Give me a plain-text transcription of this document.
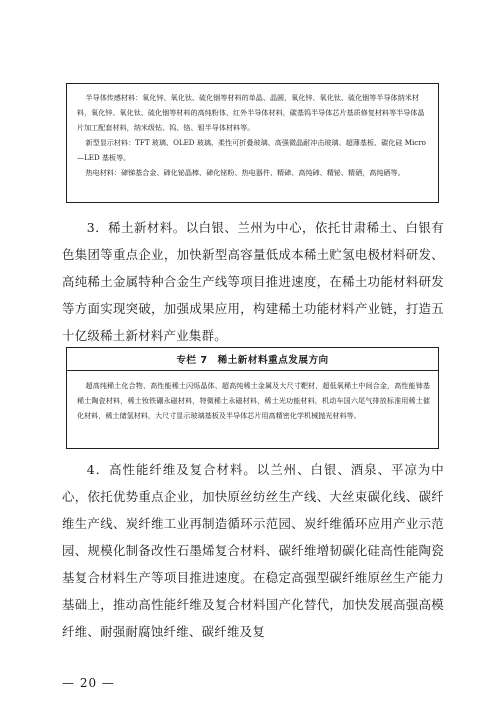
半导体传感材料：氧化锌、氧化钛、硫化铟等材料的单晶、晶圆，氧化锌、氧化钛、硫化铟等半导体纳米材料，氧化锌、氧化钛、硫化铟等材料的高纯粉体，红外半导体材料，碳基钨半导体芯片基质修复材料等半导体晶片加工配套材料，纳米级钻、钨、铬、钼半导体材料等。

新型显示材料：TFT 玻璃、OLED 玻璃、柔性可折叠玻璃、高强微晶耐冲击玻璃、超薄基板、碳化硅 Micro—LED 基板等。

热电材料：碲锑基合金、碲化铋晶棒、碲化铋粉、热电器件、精碲、高纯碲、精铋、精硒，高纯硒等。

3．稀土新材料。以白银、兰州为中心，依托甘肃稀土、白银有色集团等重点企业，加快新型高容量低成本稀土贮氢电极材料研发、高纯稀土金属特种合金生产线等项目推进速度，在稀土功能材料研发等方面实现突破，加强成果应用，构建稀土功能材料产业链，打造五十亿级稀土新材料产业集群。
专栏 7　稀土新材料重点发展方向
超高纯稀土化合物、高性能稀土闪烁晶体、超高纯稀土金属及大尺寸靶材，超低氧稀土中间合金，高性能铈基稀土陶瓷材料，稀土钕铁硼永磁材料，特微稀土永磁材料，稀土光功能材料，机动车国六尾气排放标准用稀土催化材料，稀土储氢材料，大尺寸显示玻璃基板及半导体芯片用高精密化学机械抛光材料等。
4．高性能纤维及复合材料。以兰州、白银、酒泉、平凉为中心，依托优势重点企业，加快原丝纺丝生产线、大丝束碳化线、碳纤维生产线、炭纤维工业再制造循环示范园、炭纤维循环应用产业示范园、规模化制备改性石墨烯复合材料、碳纤维增韧碳化硅高性能陶瓷基复合材料生产等项目推进速度。在稳定高强型碳纤维原丝生产能力基础上，推动高性能纤维及复合材料国产化替代，加快发展高强高模纤维、耐强耐腐蚀纤维、碳纤维及复
— 20 —
